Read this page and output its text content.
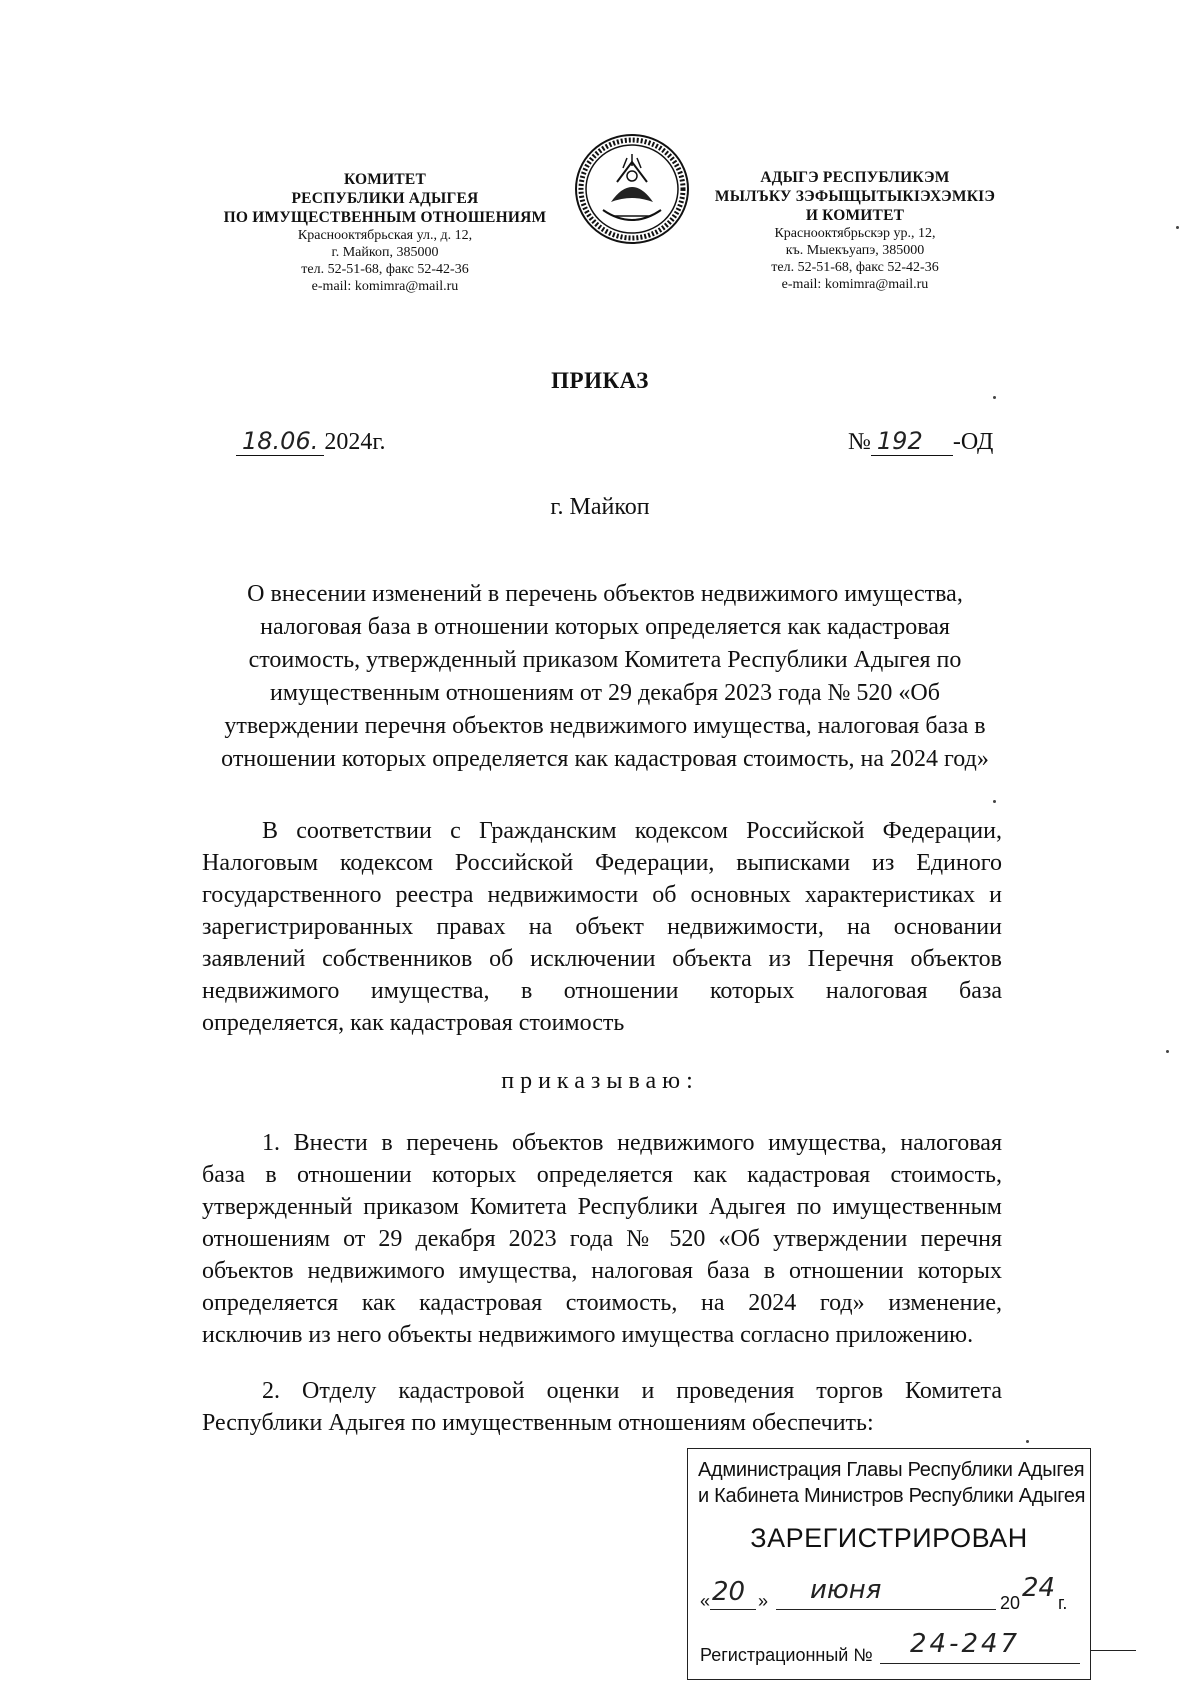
КОМИТЕТ
РЕСПУБЛИКИ АДЫГЕЯ
ПО ИМУЩЕСТВЕННЫМ ОТНОШЕНИЯМ
Краснооктябрьская ул., д. 12,
г. Майкоп, 385000
тел. 52-51-68, факс 52-42-36
e-mail: komimra@mail.ru
АДЫГЭ РЕСПУБЛИКЭМ
МЫЛЪКУ ЗЭФЫЩЫТЫКIЭХЭМКIЭ
И КОМИТЕТ
Краснооктябрьскэр ур., 12,
къ. Мыекъуапэ, 385000
тел. 52-51-68, факс 52-42-36
e-mail: komimra@mail.ru
ПРИКАЗ
18.06. 2024г.	№ 192 -ОД
г. Майкоп
О внесении изменений в перечень объектов недвижимого имущества,
налоговая база в отношении которых определяется как кадастровая
стоимость, утвержденный приказом Комитета Республики Адыгея по
имущественным отношениям от 29 декабря 2023 года № 520 «Об
утверждении перечня объектов недвижимого имущества, налоговая база в
отношении которых определяется как кадастровая стоимость, на 2024 год»
В соответствии с Гражданским кодексом Российской Федерации,
Налоговым кодексом Российской Федерации, выписками из Единого
государственного реестра недвижимости об основных характеристиках и
зарегистрированных правах на объект недвижимости, на основании
заявлений собственников об исключении объекта из Перечня объектов
недвижимого имущества, в отношении которых налоговая база
определяется, как кадастровая стоимость
приказываю:
1. Внести в перечень объектов недвижимого имущества, налоговая
база в отношении которых определяется как кадастровая стоимость,
утвержденный приказом Комитета Республики Адыгея по имущественным
отношениям от 29 декабря 2023 года № 520 «Об утверждении перечня
объектов недвижимого имущества, налоговая база в отношении которых
определяется как кадастровая стоимость, на 2024 год» изменение,
исключив из него объекты недвижимого имущества согласно приложению.
2. Отделу кадастровой оценки и проведения торгов Комитета
Республики Адыгея по имущественным отношениям обеспечить:
Администрация Главы Республики Адыгея
и Кабинета Министров Республики Адыгея
ЗАРЕГИСТРИРОВАН
« 20 » июня	20 24 г.
Регистрационный № 24-247
